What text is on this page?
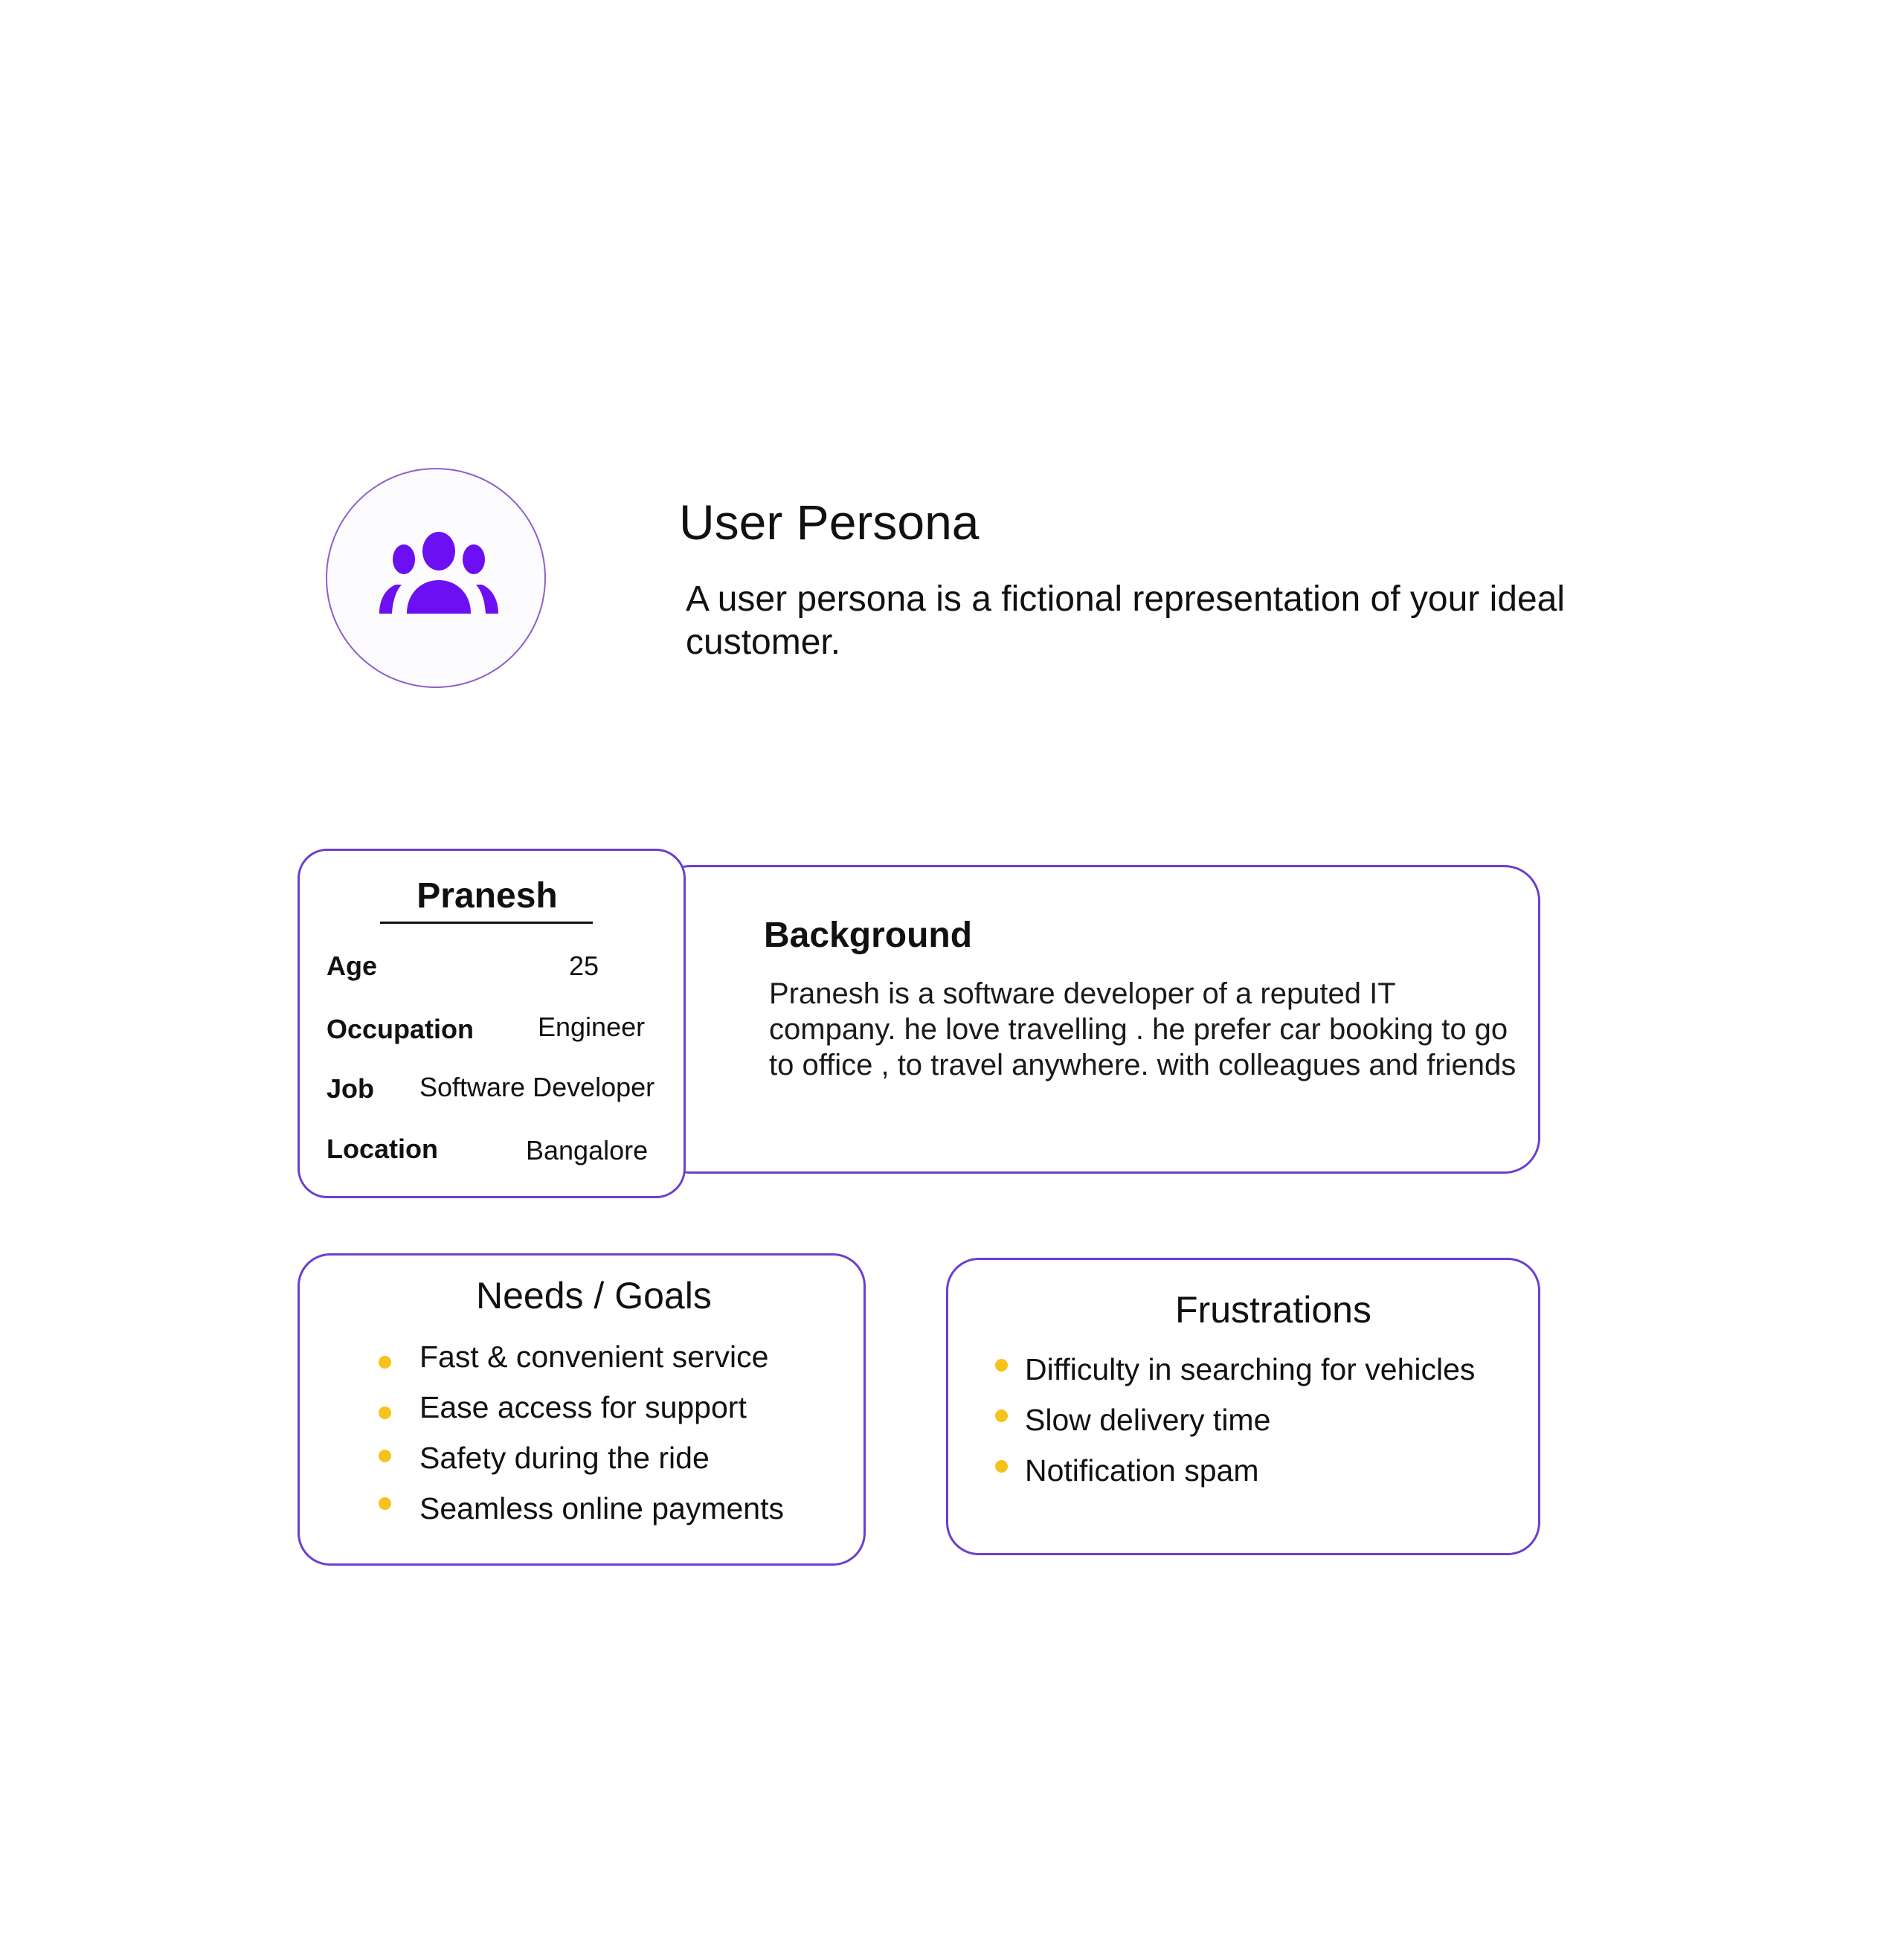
User Persona
A user persona is a fictional representation of your ideal customer.
Background
Pranesh is a software developer of a reputed IT company. he love travelling . he prefer car booking to go to office , to travel anywhere. with colleagues and friends
Pranesh
Age	25
Occupation Engineer
Job Software Developer
Location	Bangalore
Needs / Goals
Fast & convenient service
Ease access for support
Safety during the ride
Seamless online payments
Frustrations
Difficulty in searching for vehicles
Slow delivery time
Notification spam
